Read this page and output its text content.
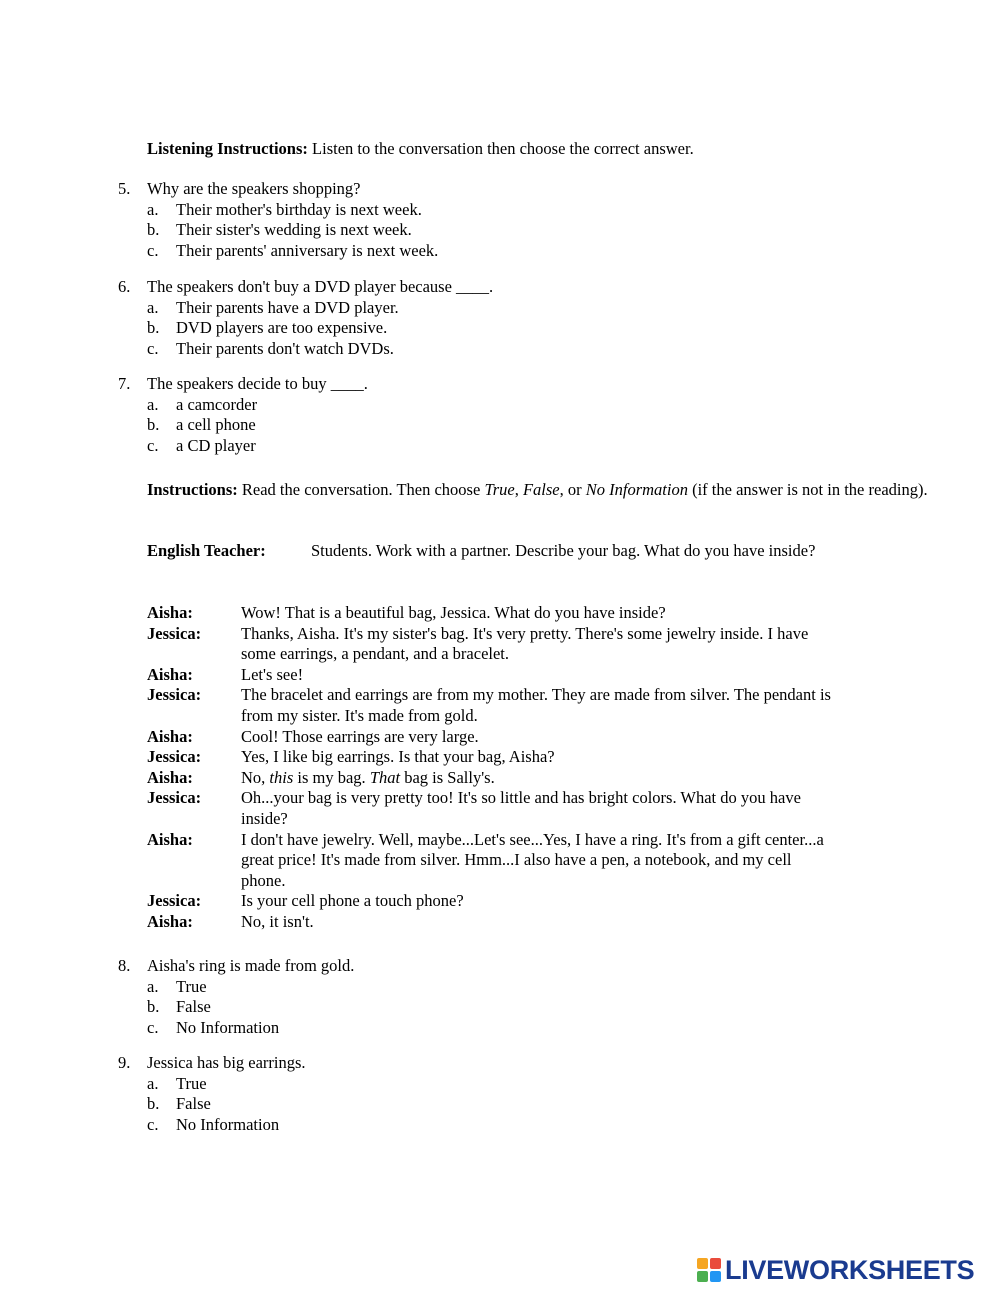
Listening Instructions: Listen to the conversation then choose the correct answer.
5.	Why are the speakers shopping?
a.	Their mother's birthday is next week.
b.	Their sister's wedding is next week.
c.	Their parents' anniversary is next week.
6.	The speakers don't buy a DVD player because ____.
a.	Their parents have a DVD player.
b.	DVD players are too expensive.
c.	Their parents don't watch DVDs.
7.	The speakers decide to buy ____.
a.	a camcorder
b.	a cell phone
c.	a CD player
Instructions: Read the conversation. Then choose True, False, or No Information (if the answer is not in the reading).
English Teacher:	Students. Work with a partner. Describe your bag. What do you have inside?
Aisha:	Wow! That is a beautiful bag, Jessica. What do you have inside?
Jessica: Thanks, Aisha. It's my sister's bag. It's very pretty. There's some jewelry inside. I have some earrings, a pendant, and a bracelet.
Aisha:	Let's see!
Jessica: The bracelet and earrings are from my mother. They are made from silver. The pendant is from my sister. It's made from gold.
Aisha:	Cool! Those earrings are very large.
Jessica: Yes, I like big earrings. Is that your bag, Aisha?
Aisha:	No, this is my bag. That bag is Sally's.
Jessica: Oh...your bag is very pretty too! It's so little and has bright colors. What do you have inside?
Aisha:	I don't have jewelry. Well, maybe...Let's see...Yes, I have a ring. It's from a gift center...a great price! It's made from silver. Hmm...I also have a pen, a notebook, and my cell phone.
Jessica: Is your cell phone a touch phone?
Aisha:	No, it isn't.
8.	Aisha's ring is made from gold.
a.	True
b.	False
c.	No Information
9.	Jessica has big earrings.
a.	True
b.	False
c.	No Information
LIVEWORKSHEETS
